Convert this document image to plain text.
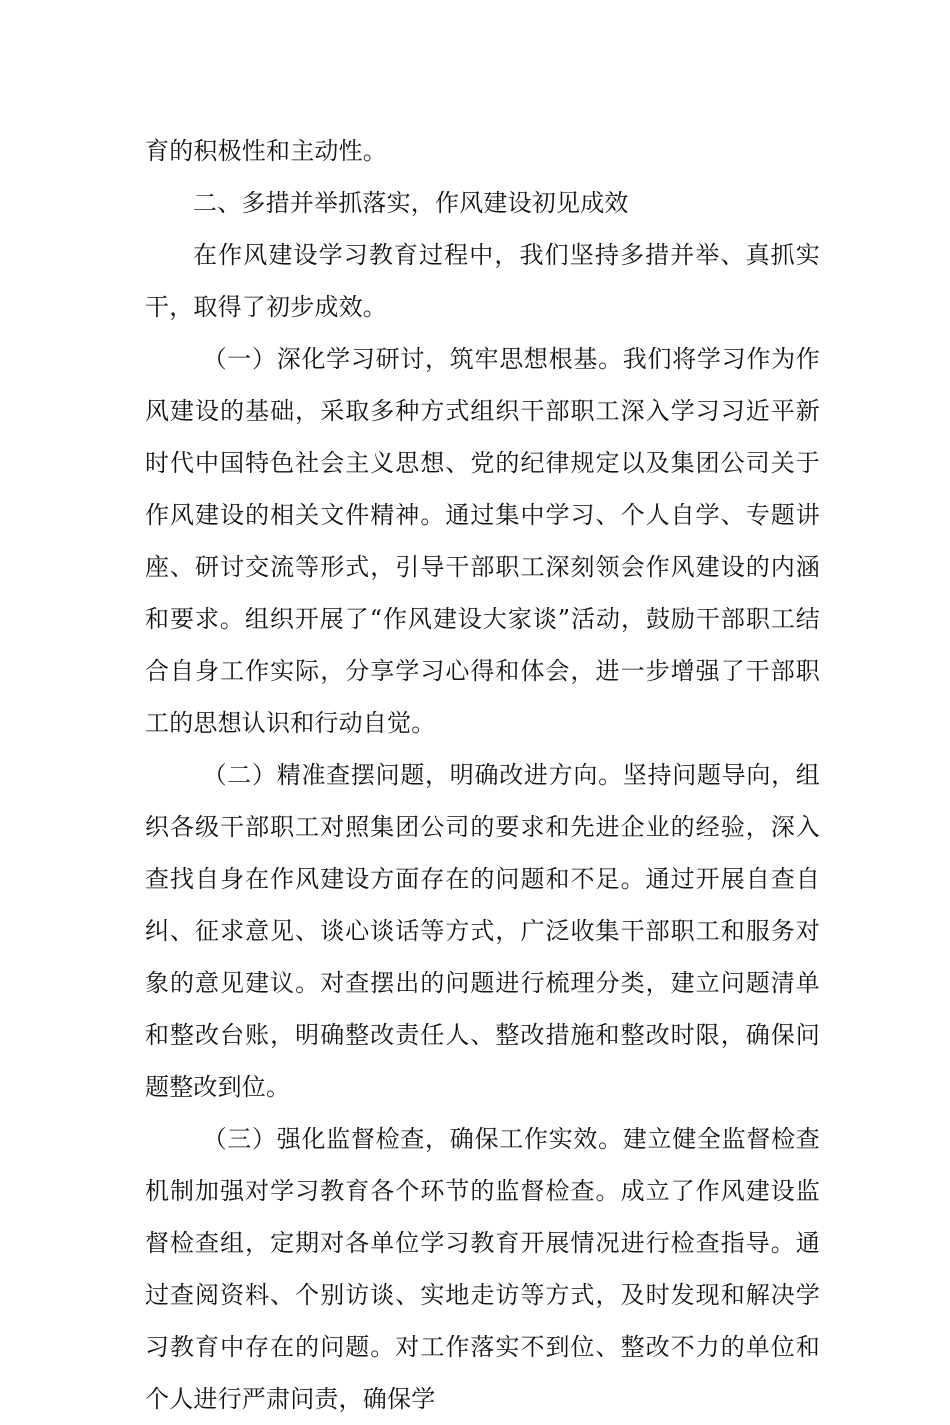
育的积极性和主动性。

二、多措并举抓落实，作风建设初见成效

在作风建设学习教育过程中，我们坚持多措并举、真抓实干，取得了初步成效。

（一）深化学习研讨，筑牢思想根基。我们将学习作为作风建设的基础，采取多种方式组织干部职工深入学习习近平新时代中国特色社会主义思想、党的纪律规定以及集团公司关于作风建设的相关文件精神。通过集中学习、个人自学、专题讲座、研讨交流等形式，引导干部职工深刻领会作风建设的内涵和要求。组织开展了“作风建设大家谈”活动，鼓励干部职工结合自身工作实际，分享学习心得和体会，进一步增强了干部职工的思想认识和行动自觉。

（二）精准查摆问题，明确改进方向。坚持问题导向，组织各级干部职工对照集团公司的要求和先进企业的经验，深入查找自身在作风建设方面存在的问题和不足。通过开展自查自纠、征求意见、谈心谈话等方式，广泛收集干部职工和服务对象的意见建议。对查摆出的问题进行梳理分类，建立问题清单和整改台账，明确整改责任人、整改措施和整改时限，确保问题整改到位。

（三）强化监督检查，确保工作实效。建立健全监督检查机制加强对学习教育各个环节的监督检查。成立了作风建设监督检查组，定期对各单位学习教育开展情况进行检查指导。通过查阅资料、个别访谈、实地走访等方式，及时发现和解决学习教育中存在的问题。对工作落实不到位、整改不力的单位和个人进行严肃问责，确保学
